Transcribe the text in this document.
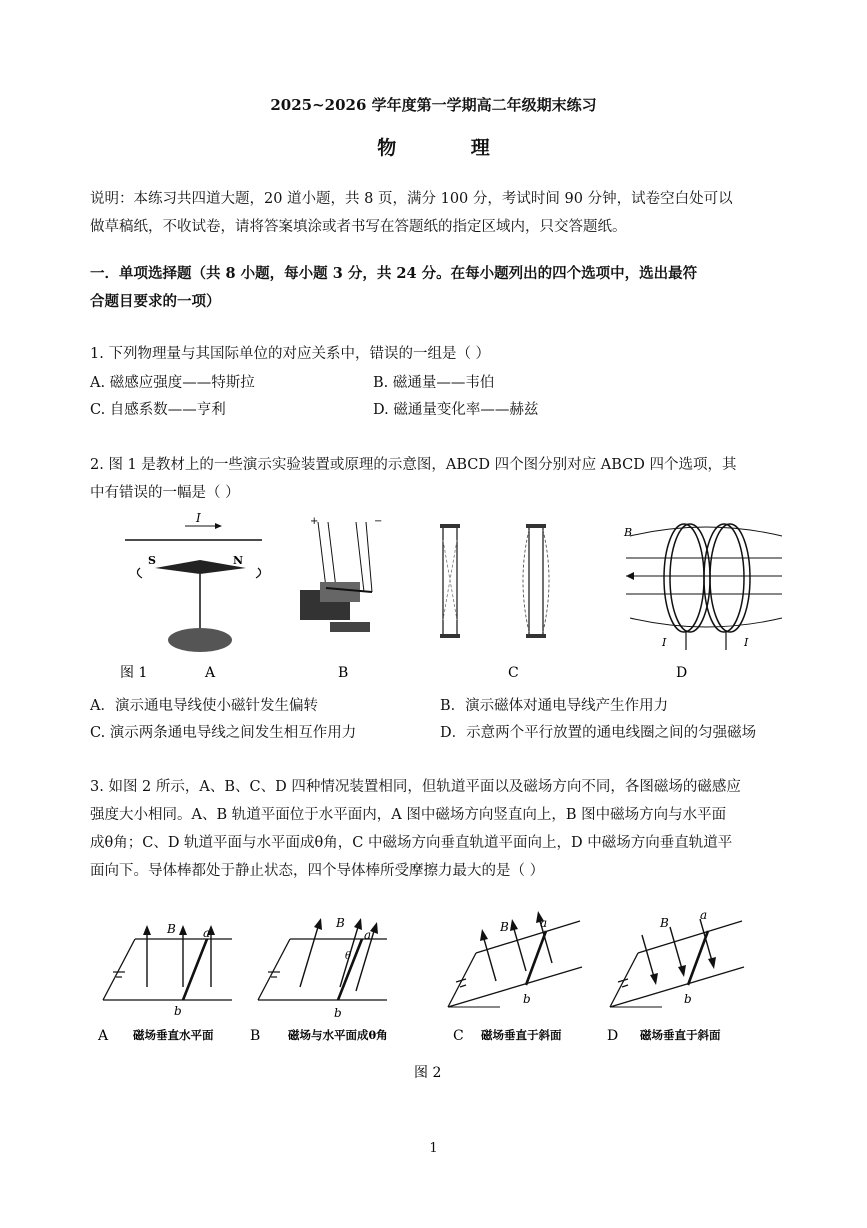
2025~2026 学年度第一学期高二年级期末练习
物 理
说明：本练习共四道大题，20 道小题，共 8 页，满分 100 分，考试时间 90 分钟，试卷空白处可以
做草稿纸，不收试卷，请将答案填涂或者书写在答题纸的指定区域内，只交答题纸。
一．单项选择题（共 8 小题，每小题 3 分，共 24 分。在每小题列出的四个选项中，选出最符
合题目要求的一项）
1. 下列物理量与其国际单位的对应关系中，错误的一组是（ ）
A. 磁感应强度——特斯拉	B. 磁通量——韦伯
C. 自感系数——亨利	D. 磁通量变化率——赫兹
2. 图 1 是教材上的一些演示实验装置或原理的示意图，ABCD 四个图分别对应 ABCD 四个选项，其
中有错误的一幅是（ ）
I
S	N
+	−
B
I	I
图 1	A	B	C	D
A．演示通电导线使小磁针发生偏转	B．演示磁体对通电导线产生作用力
C. 演示两条通电导线之间发生相互作用力	D．示意两个平行放置的通电线圈之间的匀强磁场
3. 如图 2 所示，A、B、C、D 四种情况装置相同，但轨道平面以及磁场方向不同，各图磁场的磁感应
强度大小相同。A、B 轨道平面位于水平面内，A 图中磁场方向竖直向上，B 图中磁场方向与水平面
成θ角；C、D 轨道平面与水平面成θ角，C 中磁场方向垂直轨道平面向上，D 中磁场方向垂直轨道平
面向下。导体棒都处于静止状态，四个导体棒所受摩擦力最大的是（ ）
B a
b
B
a
θ
b
B	a
b
B
a
b
A 磁场垂直水平面	B 磁场与水平面成θ角	C 磁场垂直于斜面	D 磁场垂直于斜面
图 2
1
